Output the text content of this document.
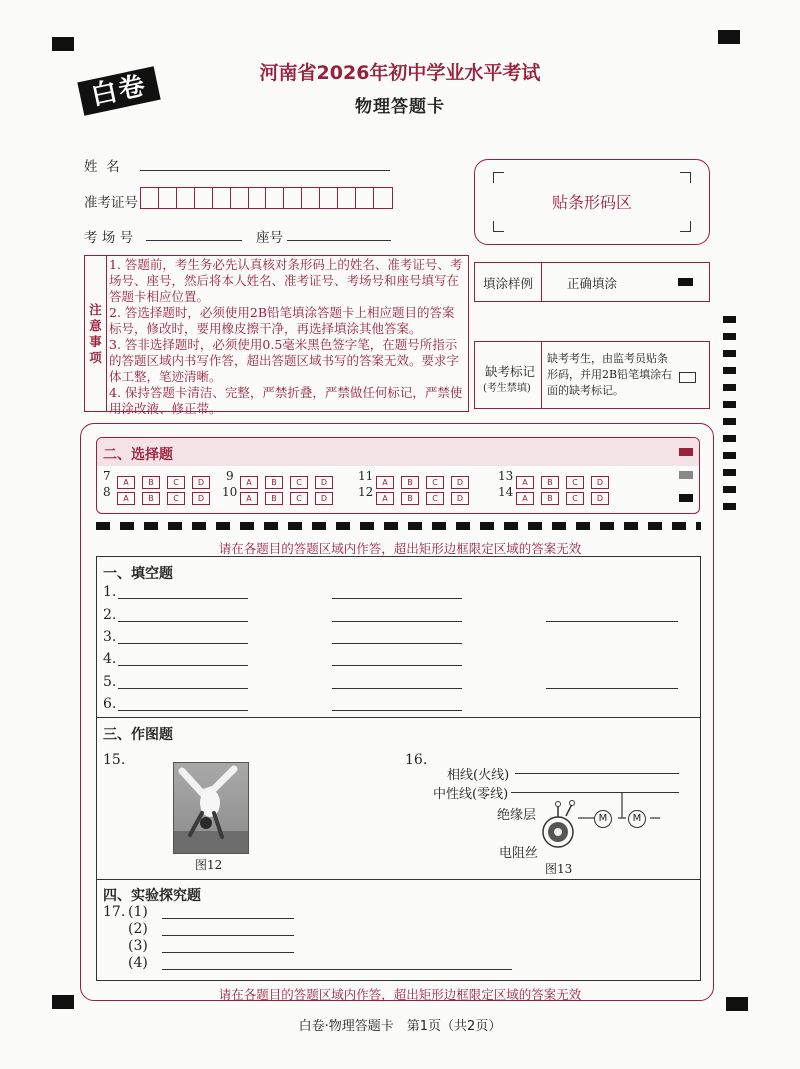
白卷	河南省2026年初中学业水平考试
物理答题卡
姓  名
准考证号
考 场 号	座号
贴条形码区
注
意
事
项
1. 答题前，考生务必先认真核对条形码上的姓名、准考证号、考场号、座号，然后将本人姓名、准考证号、考场号和座号填写在答题卡相应位置。
2. 答选择题时，必须使用2B铅笔填涂答题卡上相应题目的答案标号，修改时，要用橡皮擦干净，再选择填涂其他答案。
3. 答非选择题时，必须使用0.5毫米黑色签字笔，在题号所指示的答题区域内书写作答，超出答题区域书写的答案无效。要求字体工整，笔迹清晰。
4. 保持答题卡清洁、完整，严禁折叠，严禁做任何标记，严禁使用涂改液、修正带。
填涂样例	正确填涂
缺考标记
(考生禁填)
缺考考生，由监考员贴条形码，并用2B铅笔填涂右面的缺考标记。
二、选择题
7	A B C D
8	A B C D
9	A B C D
10	A B C D
11	A B C D
12	A B C D
13	A B C D
14	A B C D
请在各题目的答题区域内作答，超出矩形边框限定区域的答案无效
一、填空题
1.
2.
3.
4.
5.
6.
三、作图题
15.
图12
16.
相线(火线)
中性线(零线)
绝缘层
电阻丝
M	M
图13
四、实验探究题
17. (1)
(2)
(3)
(4)
请在各题目的答题区域内作答，超出矩形边框限定区域的答案无效
白卷·物理答题卡　第1页（共2页）
